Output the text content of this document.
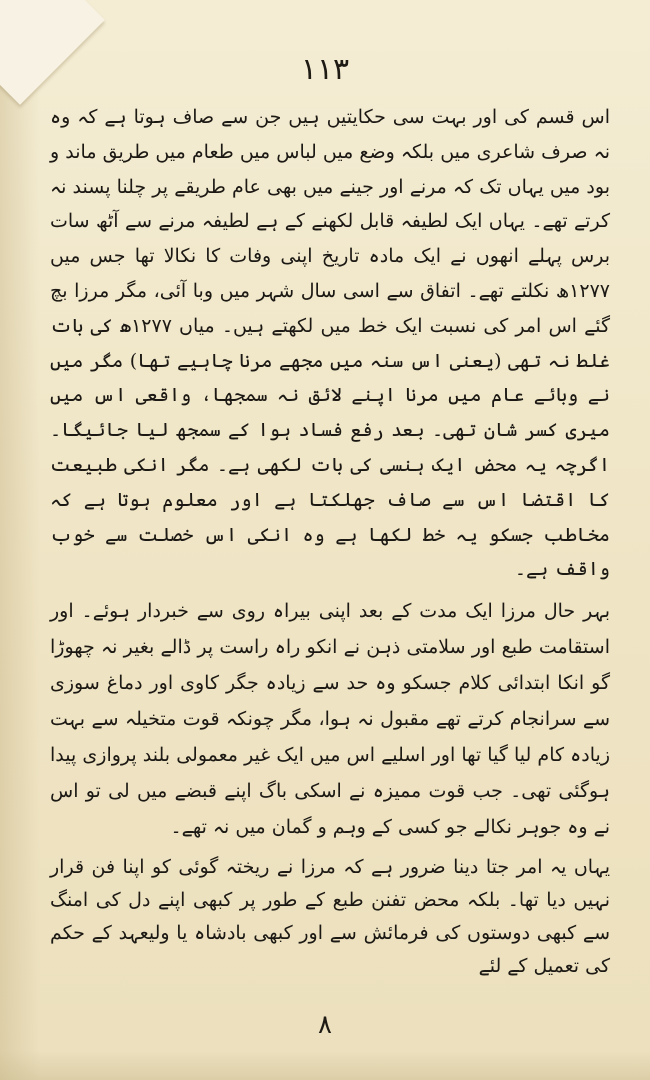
۱۱۳

اس قسم کی اور بہت سی حکایتیں ہیں جن سے صاف ہوتا ہے کہ وہ نہ صرف شاعری میں بلکہ وضع میں لباس میں طعام میں طریق ماند و بود میں یہاں تک کہ مرنے اور جینے میں بھی عام طریقے پر چلنا پسند نہ کرتے تھے۔ یہاں ایک لطیفہ قابل لکھنے کے ہے لطیفہ مرنے سے آٹھ سات برس پہلے انھوں نے ایک مادہ تاریخ اپنی وفات کا نکالا تھا جس میں ۱۲۷۷ھ نکلتے تھے۔ اتفاق سے اسی سال شہر میں وبا آئی، مگر مرزا بچ گئے اس امر کی نسبت ایک خط میں لکھتے ہیں۔ میاں ۱۲۷۷ھ کی بات غلط نہ تھی (یعنی اس سنہ میں مجھے مرنا چاہیے تھا) مگر میں نے وبائے عام میں مرنا اپنے لائق نہ سمجھا، واقعی اس میں میری کسر شان تھی۔ بعد رفع فساد ہوا کے سمجھ لیا جائیگا۔ اگرچہ یہ محض ایک ہنسی کی بات لکھی ہے۔ مگر انکی طبیعت کا اقتضا اس سے صاف جھلکتا ہے اور معلوم ہوتا ہے کہ مخاطب جسکو یہ خط لکھا ہے وہ انکی اس خصلت سے خوب واقف ہے۔

بہر حال مرزا ایک مدت کے بعد اپنی بیراہ روی سے خبردار ہوئے۔ اور استقامت طبع اور سلامتی ذہن نے انکو راہ راست پر ڈالے بغیر نہ چھوڑا گو انکا ابتدائی کلام جسکو وہ حد سے زیادہ جگر کاوی اور دماغ سوزی سے سرانجام کرتے تھے مقبول نہ ہوا، مگر چونکہ قوت متخیلہ سے بہت زیادہ کام لیا گیا تھا اور اسلیے اس میں ایک غیر معمولی بلند پروازی پیدا ہوگئی تھی۔ جب قوت ممیزہ نے اسکی باگ اپنے قبضے میں لی تو اس نے وہ جوہر نکالے جو کسی کے وہم و گمان میں نہ تھے۔

یہاں یہ امر جتا دینا ضرور ہے کہ مرزا نے ریختہ گوئی کو اپنا فن قرار نہیں دیا تھا۔ بلکہ محض تفنن طبع کے طور پر کبھی اپنے دل کی امنگ سے کبھی دوستوں کی فرمائش سے اور کبھی بادشاہ یا ولیعہد کے حکم کی تعمیل کے لئے

۸
